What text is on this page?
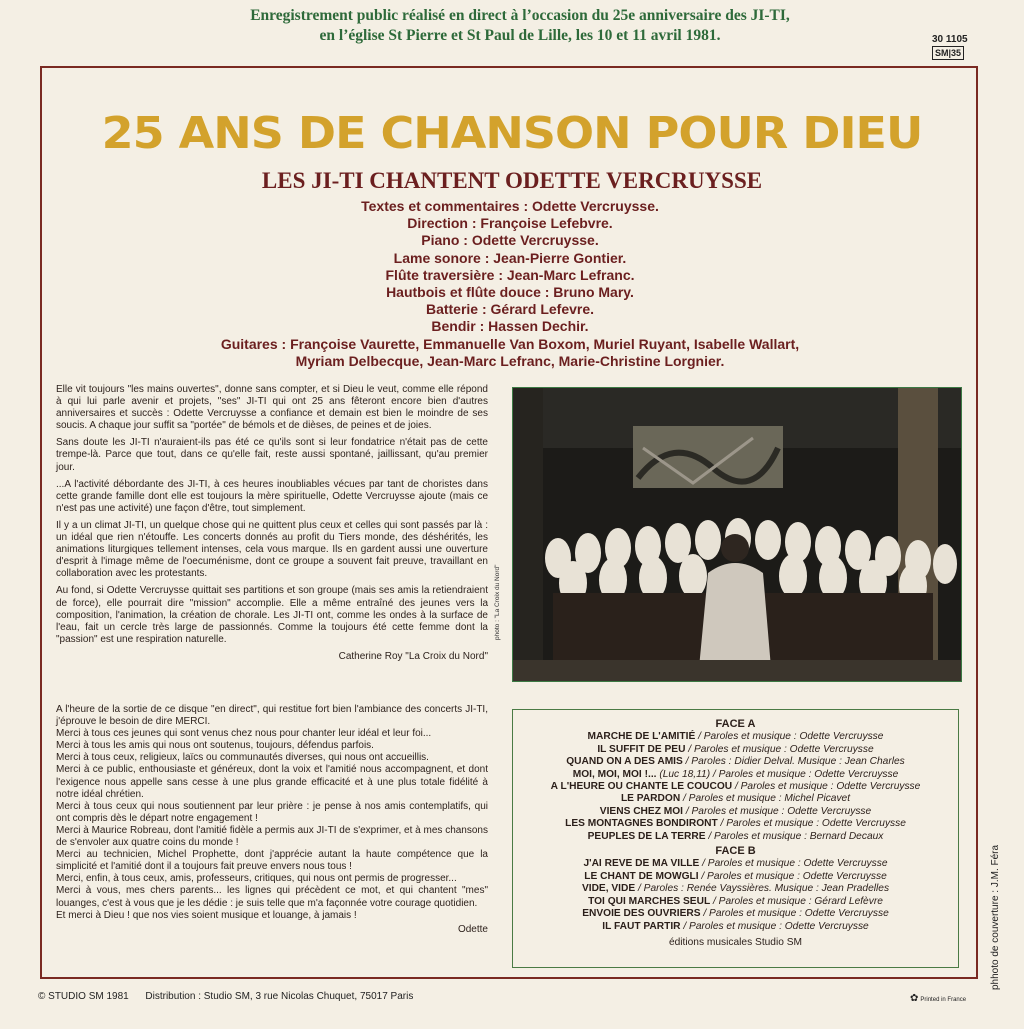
Enregistrement public réalisé en direct à l’occasion du 25e anniversaire des JI-TI,
en l’église St Pierre et St Paul de Lille, les 10 et 11 avril 1981.	30 1105
SM|35
25 ANS DE CHANSON POUR DIEU
LES JI-TI CHANTENT ODETTE VERCRUYSSE
Textes et commentaires : Odette Vercruysse.
Direction : Françoise Lefebvre.
Piano : Odette Vercruysse.
Lame sonore : Jean-Pierre Gontier.
Flûte traversière : Jean-Marc Lefranc.
Hautbois et flûte douce : Bruno Mary.
Batterie : Gérard Lefevre.
Bendir : Hassen Dechir.
Guitares : Françoise Vaurette, Emmanuelle Van Boxom, Muriel Ruyant, Isabelle Wallart,
Myriam Delbecque, Jean-Marc Lefranc, Marie-Christine Lorgnier.

Elle vit toujours "les mains ouvertes", donne sans compter, et si Dieu le veut, comme elle répond à qui lui parle avenir et projets, "ses" JI-TI qui ont 25 ans fêteront encore bien d'autres anniversaires et succès : Odette Vercruysse a confiance et demain est bien le moindre de ses soucis. A chaque jour suffit sa "portée" de bémols et de dièses, de peines et de joies.

Sans doute les JI-TI n'auraient-ils pas été ce qu'ils sont si leur fondatrice n'était pas de cette trempe-là. Parce que tout, dans ce qu'elle fait, reste aussi spontané, jaillissant, qu'au premier jour.

...A l'activité débordante des JI-TI, à ces heures inoubliables vécues par tant de choristes dans cette grande famille dont elle est toujours la mère spirituelle, Odette Vercruysse ajoute (mais ce n'est pas une activité) une façon d'être, tout simplement.

Il y a un climat JI-TI, un quelque chose qui ne quittent plus ceux et celles qui sont passés par là : un idéal que rien n'étouffe. Les concerts donnés au profit du Tiers monde, des déshérités, les animations liturgiques tellement intenses, cela vous marque. Ils en gardent aussi une ouverture d'esprit à l'image même de l'oecuménisme, dont ce groupe a souvent fait preuve, travaillant en collaboration avec les protestants.

Au fond, si Odette Vercruysse quittait ses partitions et son groupe (mais ses amis la retiendraient de force), elle pourrait dire "mission" accomplie. Elle a même entraîné des jeunes vers la composition, l'animation, la création de chorale. Les JI-TI ont, comme les ondes à la surface de l'eau, fait un cercle très large de passionnés. Comme la toujours été cette femme dont la "passion" est une respiration naturelle.

Catherine Roy "La Croix du Nord"

A l'heure de la sortie de ce disque "en direct", qui restitue fort bien l'ambiance des concerts JI-TI, j'éprouve le besoin de dire MERCI.

Merci à tous ces jeunes qui sont venus chez nous pour chanter leur idéal et leur foi...

Merci à tous les amis qui nous ont soutenus, toujours, défendus parfois.

Merci à tous ceux, religieux, laïcs ou communautés diverses, qui nous ont accueillis.

Merci à ce public, enthousiaste et généreux, dont la voix et l'amitié nous accompagnent, et dont l'exigence nous appelle sans cesse à une plus grande efficacité et à une plus totale fidélité à notre idéal chrétien.

Merci à tous ceux qui nous soutiennent par leur prière : je pense à nos amis contemplatifs, qui ont compris dès le départ notre engagement !

Merci à Maurice Robreau, dont l'amitié fidèle a permis aux JI-TI de s'exprimer, et à mes chansons de s'envoler aux quatre coins du monde !

Merci au technicien, Michel Prophette, dont j'apprécie autant la haute compétence que la simplicité et l'amitié dont il a toujours fait preuve envers nous tous !

Merci, enfin, à tous ceux, amis, professeurs, critiques, qui nous ont permis de progresser...

Merci à vous, mes chers parents... les lignes qui précèdent ce mot, et qui chantent "mes" louanges, c'est à vous que je les dédie : je suis telle que m'a façonnée votre courage quotidien.

Et merci à Dieu ! que nos vies soient musique et louange, à jamais !

Odette
photo : "La Croix du Nord"
FACE A
MARCHE DE L'AMITIÉ / Paroles et musique : Odette Vercruysse
IL SUFFIT DE PEU / Paroles et musique : Odette Vercruysse
QUAND ON A DES AMIS / Paroles : Didier Delval. Musique : Jean Charles
MOI, MOI, MOI !... (Luc 18,11) / Paroles et musique : Odette Vercruysse
A L'HEURE OU CHANTE LE COUCOU / Paroles et musique : Odette Vercruysse
LE PARDON / Paroles et musique : Michel Picavet
VIENS CHEZ MOI / Paroles et musique : Odette Vercruysse
LES MONTAGNES BONDIRONT / Paroles et musique : Odette Vercruysse
PEUPLES DE LA TERRE / Paroles et musique : Bernard Decaux
FACE B
J'AI REVE DE MA VILLE / Paroles et musique : Odette Vercruysse
LE CHANT DE MOWGLI / Paroles et musique : Odette Vercruysse
VIDE, VIDE / Paroles : Renée Vayssières. Musique : Jean Pradelles
TOI QUI MARCHES SEUL / Paroles et musique : Gérard Lefèvre
ENVOIE DES OUVRIERS / Paroles et musique : Odette Vercruysse
IL FAUT PARTIR / Paroles et musique : Odette Vercruysse
éditions musicales Studio SM	phhoto de couverture : J.M. Féra
© STUDIO SM 1981 Distribution : Studio SM, 3 rue Nicolas Chuquet, 75017 Paris	✿ Printed in France
